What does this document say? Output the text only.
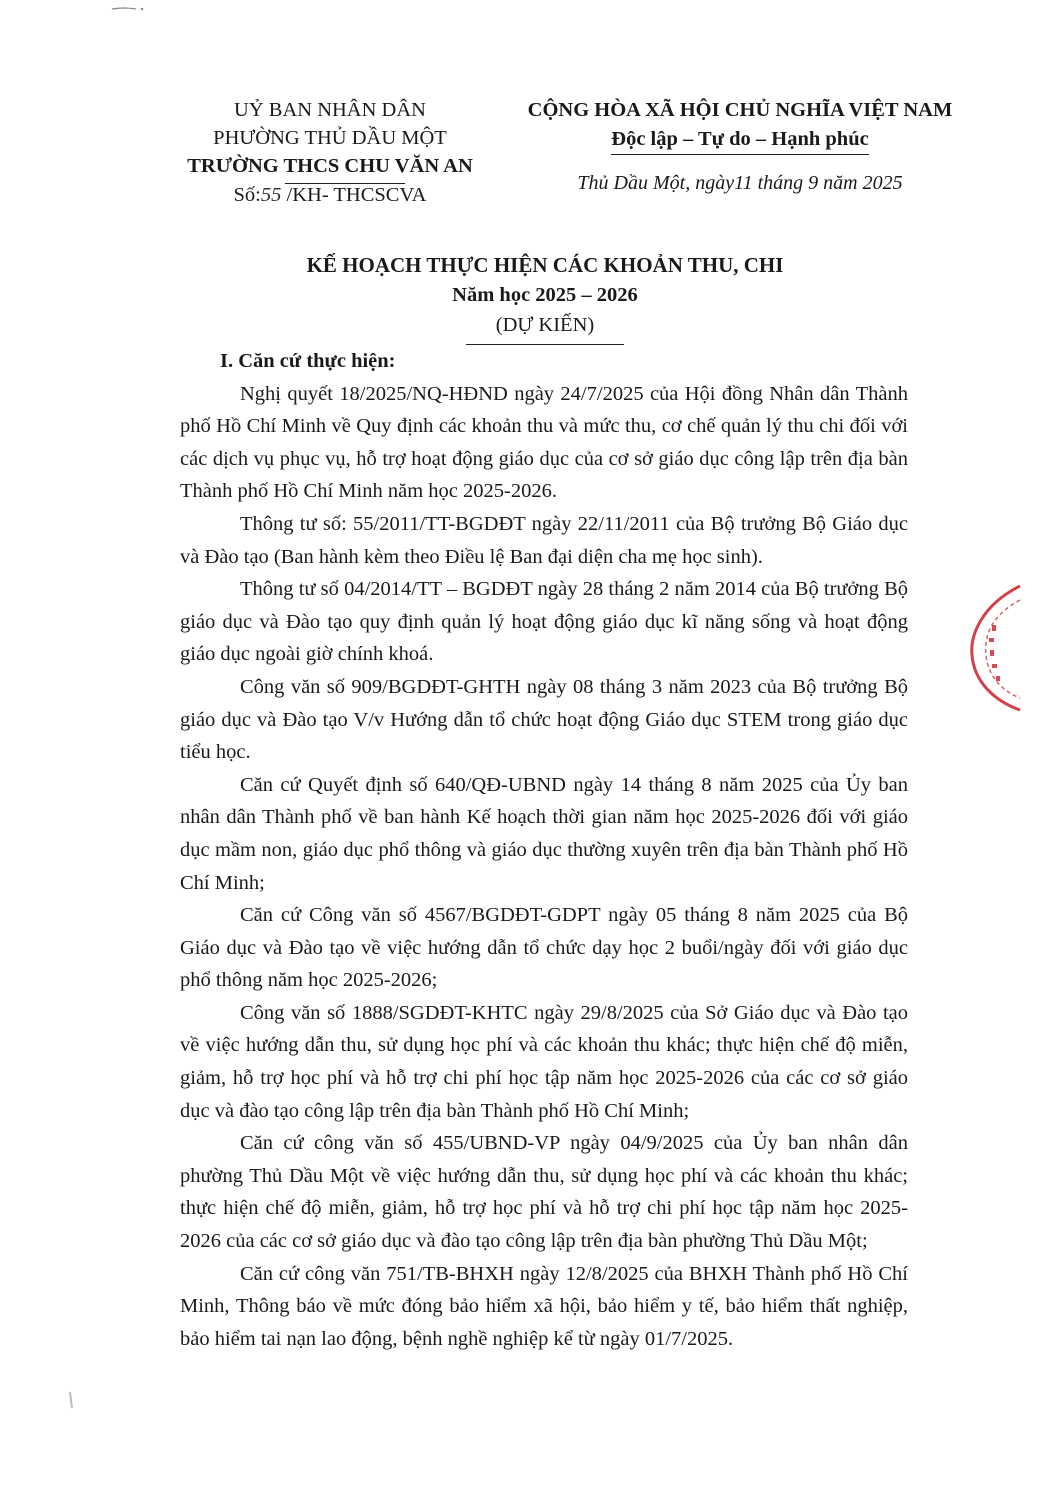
UỶ BAN NHÂN DÂN
PHƯỜNG THỦ DẦU MỘT
TRƯỜNG THCS CHU VĂN AN
Số:55 /KH- THCSCVA
CỘNG HÒA XÃ HỘI CHỦ NGHĨA VIỆT NAM
Độc lập – Tự do – Hạnh phúc
Thủ Dầu Một, ngày11 tháng 9 năm 2025
KẾ HOẠCH THỰC HIỆN CÁC KHOẢN THU, CHI
Năm học 2025 – 2026
(DỰ KIẾN)
I. Căn cứ thực hiện:

Nghị quyết 18/2025/NQ-HĐND ngày 24/7/2025 của Hội đồng Nhân dân Thành phố Hồ Chí Minh về Quy định các khoản thu và mức thu, cơ chế quản lý thu chi đối với các dịch vụ phục vụ, hỗ trợ hoạt động giáo dục của cơ sở giáo dục công lập trên địa bàn Thành phố Hồ Chí Minh năm học 2025-2026.

Thông tư số: 55/2011/TT-BGDĐT ngày 22/11/2011 của Bộ trưởng Bộ Giáo dục và Đào tạo (Ban hành kèm theo Điều lệ Ban đại diện cha mẹ học sinh).

Thông tư số 04/2014/TT – BGDĐT ngày 28 tháng 2 năm 2014 của Bộ trưởng Bộ giáo dục và Đào tạo quy định quản lý hoạt động giáo dục kĩ năng sống và hoạt động giáo dục ngoài giờ chính khoá.

Công văn số 909/BGDĐT-GHTH ngày 08 tháng 3 năm 2023 của Bộ trưởng Bộ giáo dục và Đào tạo V/v Hướng dẫn tổ chức hoạt động Giáo dục STEM trong giáo dục tiểu học.

Căn cứ Quyết định số 640/QĐ-UBND ngày 14 tháng 8 năm 2025 của Ủy ban nhân dân Thành phố về ban hành Kế hoạch thời gian năm học 2025-2026 đối với giáo dục mầm non, giáo dục phổ thông và giáo dục thường xuyên trên địa bàn Thành phố Hồ Chí Minh;

Căn cứ Công văn số 4567/BGDĐT-GDPT ngày 05 tháng 8 năm 2025 của Bộ Giáo dục và Đào tạo về việc hướng dẫn tổ chức dạy học 2 buổi/ngày đối với giáo dục phổ thông năm học 2025-2026;

Công văn số 1888/SGDĐT-KHTC ngày 29/8/2025 của Sở Giáo dục và Đào tạo về việc hướng dẫn thu, sử dụng học phí và các khoản thu khác; thực hiện chế độ miễn, giảm, hỗ trợ học phí và hỗ trợ chi phí học tập năm học 2025-2026 của các cơ sở giáo dục và đào tạo công lập trên địa bàn Thành phố Hồ Chí Minh;

Căn cứ công văn số 455/UBND-VP ngày 04/9/2025 của Ủy ban nhân dân phường Thủ Dầu Một về việc hướng dẫn thu, sử dụng học phí và các khoản thu khác; thực hiện chế độ miễn, giảm, hỗ trợ học phí và hỗ trợ chi phí học tập năm học 2025-2026 của các cơ sở giáo dục và đào tạo công lập trên địa bàn phường Thủ Dầu Một;

Căn cứ công văn 751/TB-BHXH ngày 12/8/2025 của BHXH Thành phố Hồ Chí Minh, Thông báo về mức đóng bảo hiểm xã hội, bảo hiểm y tế, bảo hiểm thất nghiệp, bảo hiểm tai nạn lao động, bệnh nghề nghiệp kể từ ngày 01/7/2025.
